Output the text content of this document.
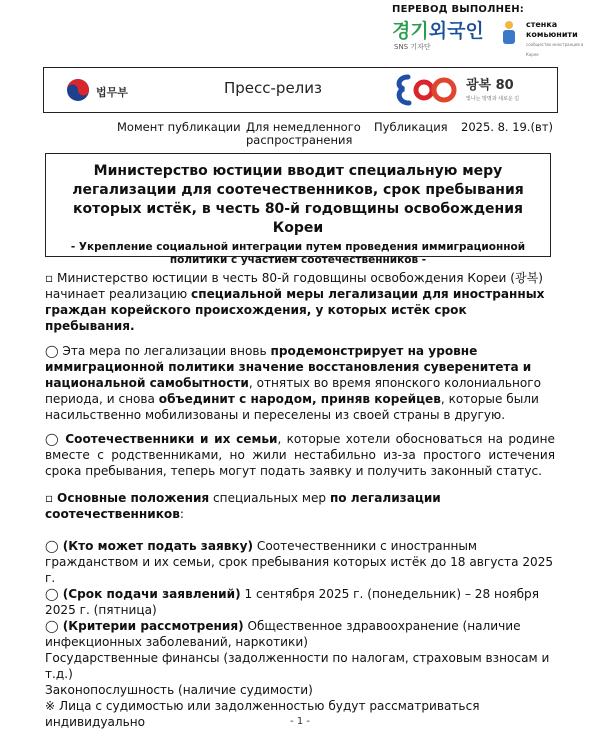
ПЕРЕВОД ВЫПОЛНЕН:
경기외국인
SNS 기자단
стенка
комьюнити
сообщество иностранцев в Корее
법무부	Пресс-релиз	광복 80
빛나는 방명과 새로운 길
Момент публикации Для немедленного распространения
Публикация 2025. 8. 19.(вт)
Министерство юстиции вводит специальную меру легализации для соотечественников, срок пребывания которых истёк, в честь 80-й годовщины освобождения Кореи
- Укрепление социальной интеграции путем проведения иммиграционной политики с участием соотечественников -
▫ Министерство юстиции в честь 80-й годовщины освобождения Кореи (광복) начинает реализацию специальной меры легализации для иностранных граждан корейского происхождения, у которых истёк срок пребывания.
◯ Эта мера по легализации вновь продемонстрирует на уровне иммиграционной политики значение восстановления суверенитета и национальной самобытности, отнятых во время японского колониального периода, и снова объединит с народом, приняв корейцев, которые были насильственно мобилизованы и переселены из своей страны в другую.
◯ Соотечественники и их семьи, которые хотели обосноваться на родине вместе с родственниками, но жили нестабильно из-за простого истечения срока пребывания, теперь могут подать заявку и получить законный статус.
▫ Основные положения специальных мер по легализации соотечественников:
◯ (Кто может подать заявку) Соотечественники с иностранным гражданством и их семьи, срок пребывания которых истёк до 18 августа 2025 г.
◯ (Срок подачи заявлений) 1 сентября 2025 г. (понедельник) – 28 ноября 2025 г. (пятница)
◯ (Критерии рассмотрения) Общественное здравоохранение (наличие инфекционных заболеваний, наркотики)
Государственные финансы (задолженности по налогам, страховым взносам и т.д.)
Законопослушность (наличие судимости)
※ Лица с судимостью или задолженностью будут рассматриваться индивидуально	- 1 -
